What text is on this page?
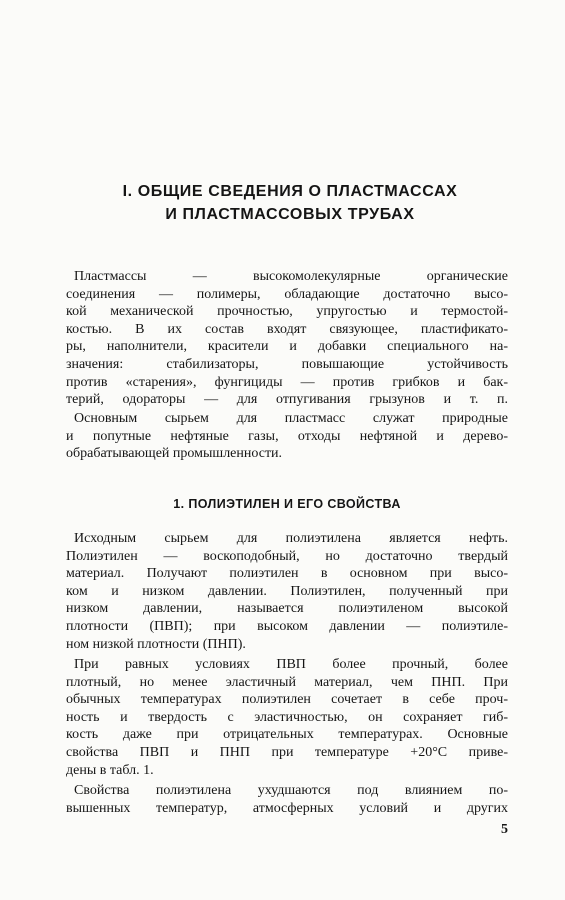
I. ОБЩИЕ СВЕДЕНИЯ О ПЛАСТМАССАХ
И ПЛАСТМАССОВЫХ ТРУБАХ
Пластмассы — высокомолекулярные органические
соединения — полимеры, обладающие достаточно высо-
кой механической прочностью, упругостью и термостой-
костью. В их состав входят связующее, пластификато-
ры, наполнители, красители и добавки специального на-
значения: стабилизаторы, повышающие устойчивость
против «старения», фунгициды — против грибков и бак-
терий, одораторы — для отпугивания грызунов и т. п.
Основным сырьем для пластмасс служат природные
и попутные нефтяные газы, отходы нефтяной и дерево-
обрабатывающей промышленности.
1. ПОЛИЭТИЛЕН И ЕГО СВОЙСТВА
Исходным сырьем для полиэтилена является нефть.
Полиэтилен — воскоподобный, но достаточно твердый
материал. Получают полиэтилен в основном при высо-
ком и низком давлении. Полиэтилен, полученный при
низком давлении, называется полиэтиленом высокой
плотности (ПВП); при высоком давлении — полиэтиле-
ном низкой плотности (ПНП).
При равных условиях ПВП более прочный, более
плотный, но менее эластичный материал, чем ПНП. При
обычных температурах полиэтилен сочетает в себе проч-
ность и твердость с эластичностью, он сохраняет гиб-
кость даже при отрицательных температурах. Основные
свойства ПВП и ПНП при температуре +20°С приве-
дены в табл. 1.
Свойства полиэтилена ухудшаются под влиянием по-
вышенных температур, атмосферных условий и других
5
